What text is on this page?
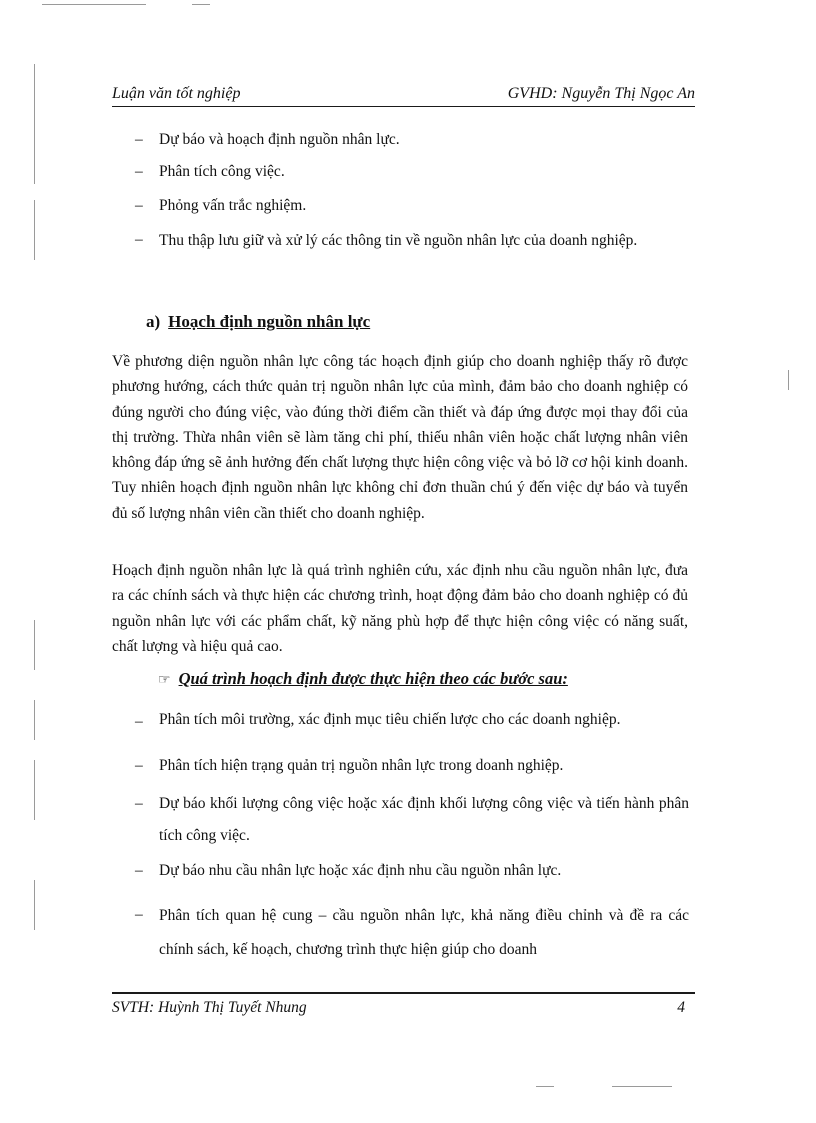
Luận văn tốt nghiệp	GVHD: Nguyễn Thị Ngọc An
– Dự báo và hoạch định nguồn nhân lực.
– Phân tích công việc.
– Phỏng vấn trắc nghiệm.
– Thu thập lưu giữ và xử lý các thông tin về nguồn nhân lực của doanh nghiệp.
a) Hoạch định nguồn nhân lực
Về phương diện nguồn nhân lực công tác hoạch định giúp cho doanh nghiệp thấy rõ được phương hướng, cách thức quản trị nguồn nhân lực của mình, đảm bảo cho doanh nghiệp có đúng người cho đúng việc, vào đúng thời điểm cần thiết và đáp ứng được mọi thay đổi của thị trường. Thừa nhân viên sẽ làm tăng chi phí, thiếu nhân viên hoặc chất lượng nhân viên không đáp ứng sẽ ảnh hưởng đến chất lượng thực hiện công việc và bỏ lỡ cơ hội kinh doanh. Tuy nhiên hoạch định nguồn nhân lực không chỉ đơn thuần chú ý đến việc dự báo và tuyển đủ số lượng nhân viên cần thiết cho doanh nghiệp.
Hoạch định nguồn nhân lực là quá trình nghiên cứu, xác định nhu cầu nguồn nhân lực, đưa ra các chính sách và thực hiện các chương trình, hoạt động đảm bảo cho doanh nghiệp có đủ nguồn nhân lực với các phẩm chất, kỹ năng phù hợp để thực hiện công việc có năng suất, chất lượng và hiệu quả cao.
☞ Quá trình hoạch định được thực hiện theo các bước sau:
– Phân tích môi trường, xác định mục tiêu chiến lược cho các doanh nghiệp.
– Phân tích hiện trạng quản trị nguồn nhân lực trong doanh nghiệp.
– Dự báo khối lượng công việc hoặc xác định khối lượng công việc và tiến hành phân tích công việc.
– Dự báo nhu cầu nhân lực hoặc xác định nhu cầu nguồn nhân lực.
– Phân tích quan hệ cung – cầu nguồn nhân lực, khả năng điều chỉnh và đề ra các chính sách, kế hoạch, chương trình thực hiện giúp cho doanh
SVTH: Huỳnh Thị Tuyết Nhung	4
